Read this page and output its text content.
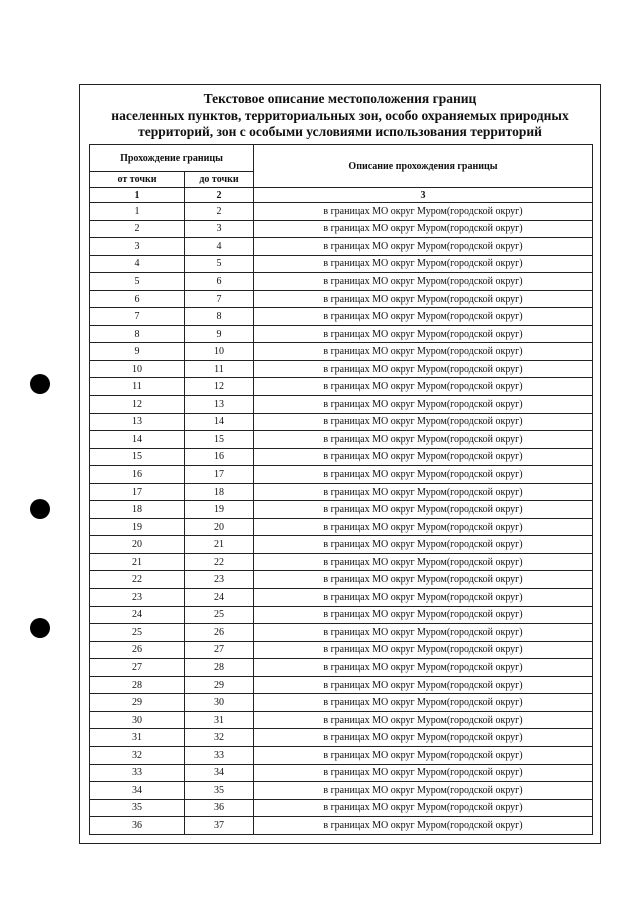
Текстовое описание местоположения границ
населенных пунктов, территориальных зон, особо охраняемых природных
территорий, зон с особыми условиями использования территорий
Прохождение границы		Описание прохождения границы
от точки	до точки	
1	2	3
1	2	в границах МО округ Муром(городской округ)
2	3	в границах МО округ Муром(городской округ)
3	4	в границах МО округ Муром(городской округ)
4	5	в границах МО округ Муром(городской округ)
5	6	в границах МО округ Муром(городской округ)
6	7	в границах МО округ Муром(городской округ)
7	8	в границах МО округ Муром(городской округ)
8	9	в границах МО округ Муром(городской округ)
9	10	в границах МО округ Муром(городской округ)
10	11	в границах МО округ Муром(городской округ)
11	12	в границах МО округ Муром(городской округ)
12	13	в границах МО округ Муром(городской округ)
13	14	в границах МО округ Муром(городской округ)
14	15	в границах МО округ Муром(городской округ)
15	16	в границах МО округ Муром(городской округ)
16	17	в границах МО округ Муром(городской округ)
17	18	в границах МО округ Муром(городской округ)
18	19	в границах МО округ Муром(городской округ)
19	20	в границах МО округ Муром(городской округ)
20	21	в границах МО округ Муром(городской округ)
21	22	в границах МО округ Муром(городской округ)
22	23	в границах МО округ Муром(городской округ)
23	24	в границах МО округ Муром(городской округ)
24	25	в границах МО округ Муром(городской округ)
25	26	в границах МО округ Муром(городской округ)
26	27	в границах МО округ Муром(городской округ)
27	28	в границах МО округ Муром(городской округ)
28	29	в границах МО округ Муром(городской округ)
29	30	в границах МО округ Муром(городской округ)
30	31	в границах МО округ Муром(городской округ)
31	32	в границах МО округ Муром(городской округ)
32	33	в границах МО округ Муром(городской округ)
33	34	в границах МО округ Муром(городской округ)
34	35	в границах МО округ Муром(городской округ)
35	36	в границах МО округ Муром(городской округ)
36	37	в границах МО округ Муром(городской округ)
